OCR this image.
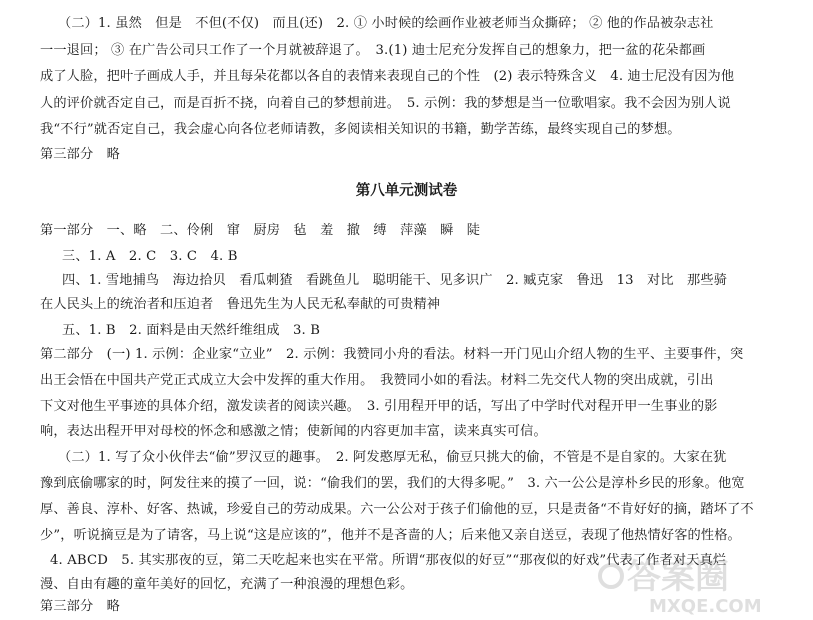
（二）1. 虽然　但是　不但(不仅)　而且(还)　2. ① 小时候的绘画作业被老师当众撕碎； ② 他的作品被杂志社
一一退回； ③ 在广告公司只工作了一个月就被辞退了。　3.(1) 迪士尼充分发挥自己的想象力，把一盆的花朵都画
成了人脸，把叶子画成人手，并且每朵花都以各自的表情来表现自己的个性　(2) 表示特殊含义　4. 迪士尼没有因为他
人的评价就否定自己，而是百折不挠，向着自己的梦想前进。　5. 示例：我的梦想是当一位歌唱家。我不会因为别人说
我“不行”就否定自己，我会虚心向各位老师请教，多阅读相关知识的书籍，勤学苦练，最终实现自己的梦想。
第三部分　略
第八单元测试卷
第一部分　一、略　二、伶俐　窜　厨房　毡　羞　撤　缚　萍藻　瞬　陡
三、1. A　2. C　3. C　4. B
四、1. 雪地捕鸟　海边拾贝　看瓜刺猹　看跳鱼儿　聪明能干、见多识广　2. 臧克家　鲁迅　13　对比　那些骑
在人民头上的统治者和压迫者　鲁迅先生为人民无私奉献的可贵精神
五、1. B　2. 面料是由天然纤维组成　3. B
第二部分　(一) 1. 示例：企业家“立业”　2. 示例：我赞同小舟的看法。材料一开门见山介绍人物的生平、主要事件，突
出王会悟在中国共产党正式成立大会中发挥的重大作用。　我赞同小如的看法。材料二先交代人物的突出成就，引出
下文对他生平事迹的具体介绍，激发读者的阅读兴趣。　3. 引用程开甲的话，写出了中学时代对程开甲一生事业的影
响，表达出程开甲对母校的怀念和感激之情；使新闻的内容更加丰富，读来真实可信。
（二）1. 写了众小伙伴去“偷”罗汉豆的趣事。　2. 阿发憨厚无私，偷豆只挑大的偷，不管是不是自家的。大家在犹
豫到底偷哪家的时，阿发往来的摸了一回，说：“偷我们的罢，我们的大得多呢。”　3. 六一公公是淳朴乡民的形象。他宽
厚、善良、淳朴、好客、热诚，珍爱自己的劳动成果。六一公公对于孩子们偷他的豆，只是责备“不肯好好的摘，踏坏了不
少”，听说摘豆是为了请客，马上说“这是应该的”，他并不是吝啬的人；后来他又亲自送豆，表现了他热情好客的性格。
4. ABCD　5. 其实那夜的豆，第二天吃起来也实在平常。所谓“那夜似的好豆”“那夜似的好戏”代表了作者对天真烂
漫、自由有趣的童年美好的回忆，充满了一种浪漫的理想色彩。
第三部分　略
答案圈
MXQE.COM
